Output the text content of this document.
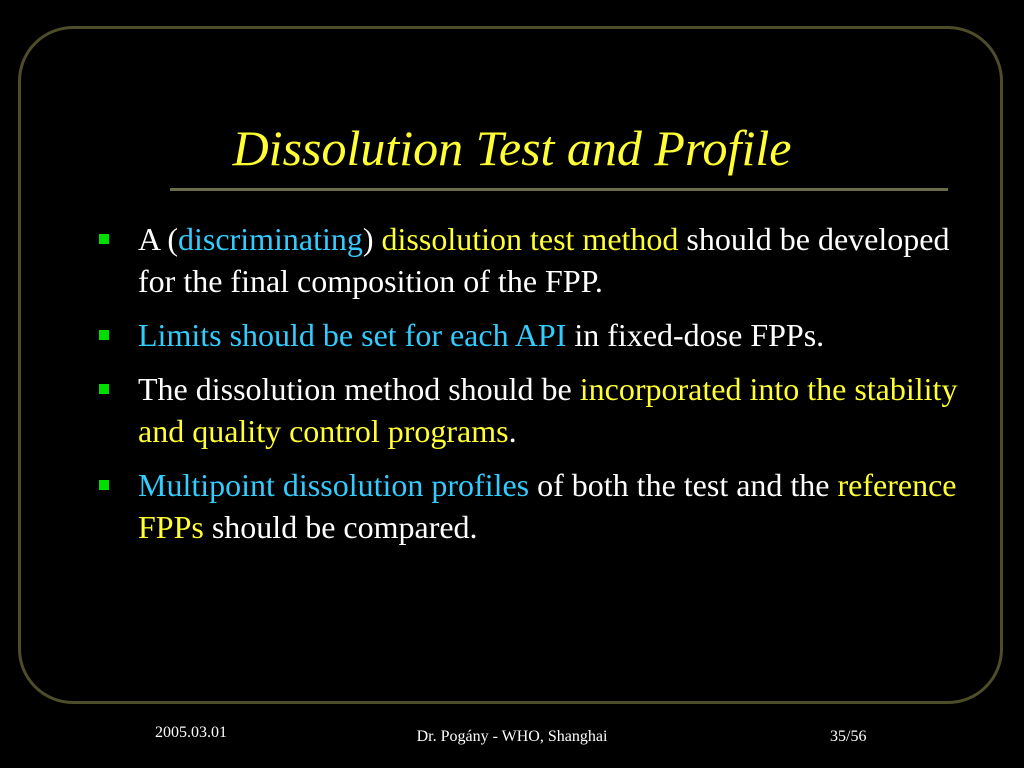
Dissolution Test and Profile
A (discriminating) dissolution test method should be developed for the final composition of the FPP.
Limits should be set for each API in fixed-dose FPPs.
The dissolution method should be incorporated into the stability and quality control programs.
Multipoint dissolution profiles of both the test and the reference FPPs should be compared.
2005.03.01	Dr. Pogány - WHO, Shanghai	35/56
